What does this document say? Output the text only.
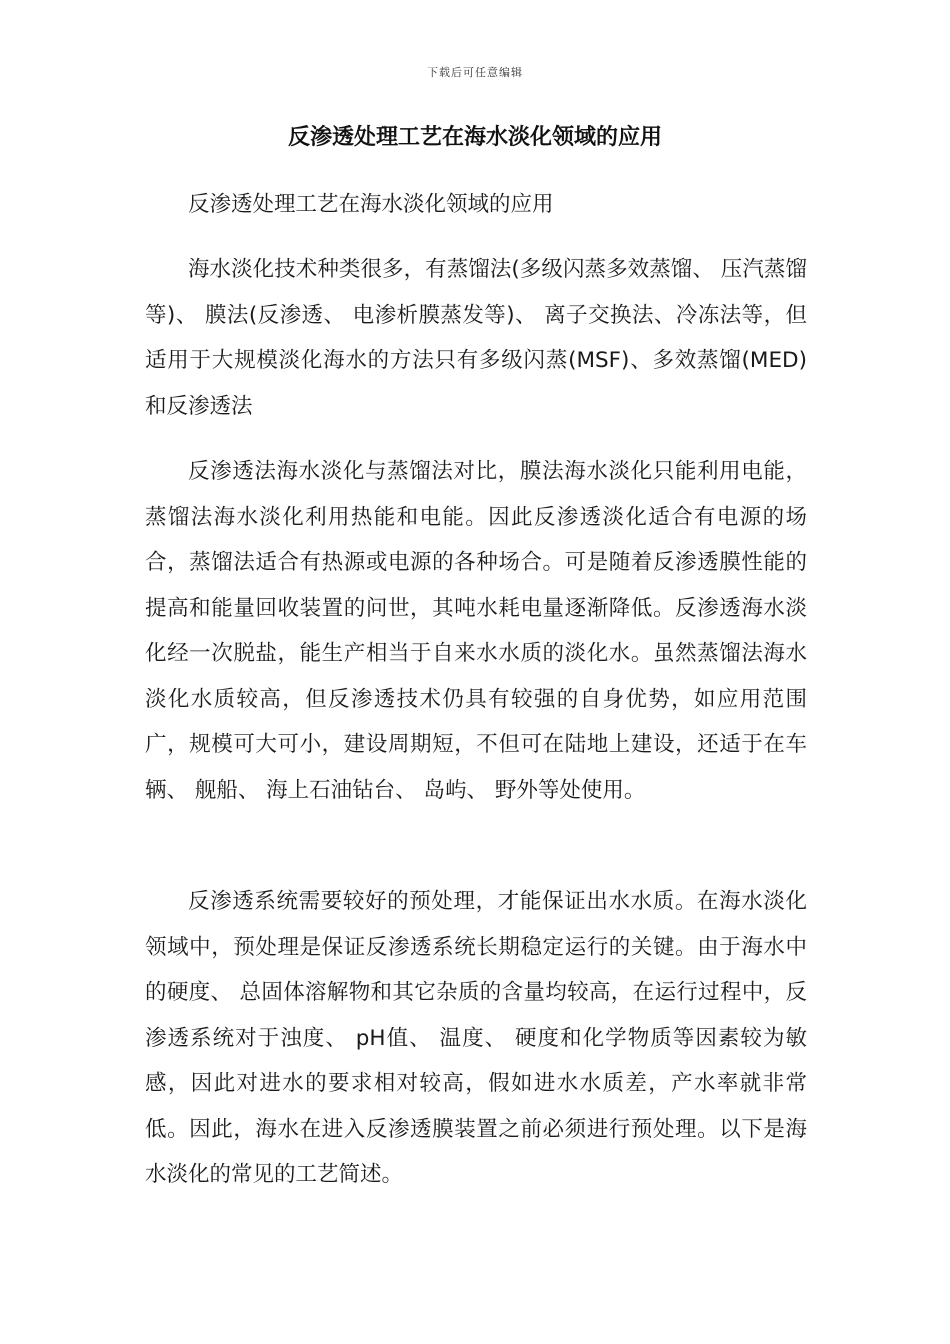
下载后可任意编辑
反渗透处理工艺在海水淡化领域的应用

反渗透处理工艺在海水淡化领域的应用

海水淡化技术种类很多，有蒸馏法(多级闪蒸多效蒸馏、 压汽蒸馏等)、 膜法(反渗透、 电渗析膜蒸发等)、 离子交换法、冷冻法等，但适用于大规模淡化海水的方法只有多级闪蒸(MSF)、多效蒸馏(MED)和反渗透法

反渗透法海水淡化与蒸馏法对比，膜法海水淡化只能利用电能，蒸馏法海水淡化利用热能和电能。因此反渗透淡化适合有电源的场合，蒸馏法适合有热源或电源的各种场合。可是随着反渗透膜性能的提高和能量回收装置的问世，其吨水耗电量逐渐降低。反渗透海水淡化经一次脱盐，能生产相当于自来水水质的淡化水。虽然蒸馏法海水淡化水质较高，但反渗透技术仍具有较强的自身优势，如应用范围广，规模可大可小，建设周期短，不但可在陆地上建设，还适于在车辆、 舰船、 海上石油钻台、 岛屿、 野外等处使用。

反渗透系统需要较好的预处理，才能保证出水水质。在海水淡化领域中，预处理是保证反渗透系统长期稳定运行的关键。由于海水中的硬度、 总固体溶解物和其它杂质的含量均较高，在运行过程中，反渗透系统对于浊度、 pH值、 温度、 硬度和化学物质等因素较为敏感，因此对进水的要求相对较高，假如进水水质差，产水率就非常低。因此，海水在进入反渗透膜装置之前必须进行预处理。以下是海水淡化的常见的工艺简述。
